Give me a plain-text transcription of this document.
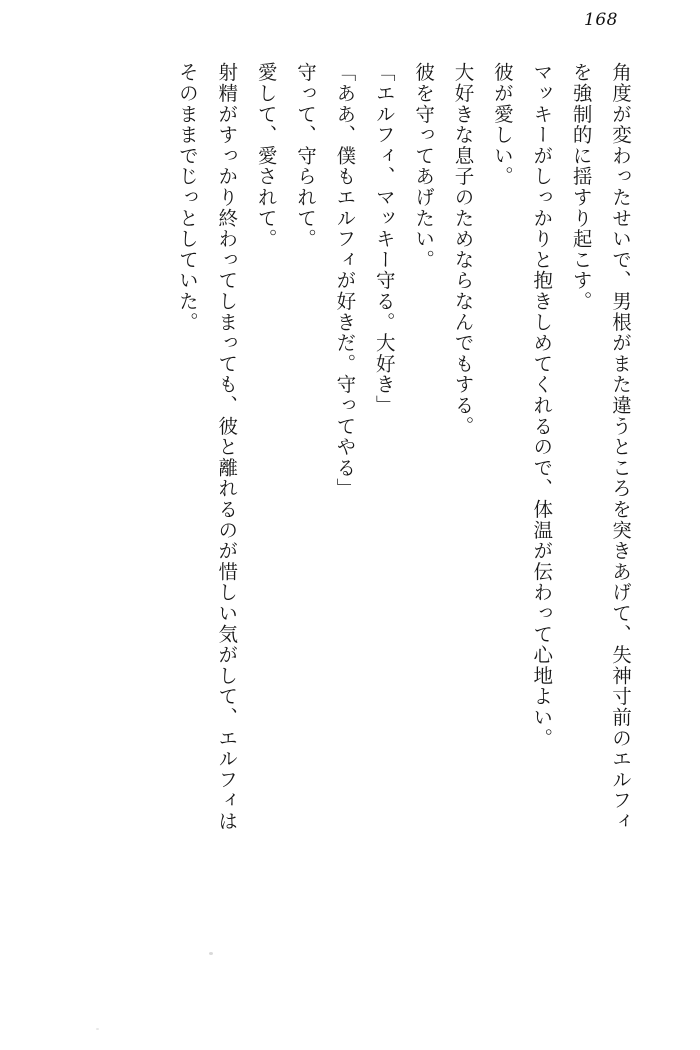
168

角度が変わったせいで、男根がまた違うところを突きあげて、失神寸前のエルフィ

を強制的に揺すり起こす。

マッキーがしっかりと抱きしめてくれるので、体温が伝わって心地よい。

彼が愛しい。

大好きな息子のためならなんでもする。

彼を守ってあげたい。

「エルフィ、マッキー守る。大好き」

「ああ、僕もエルフィが好きだ。守ってやる」

守って、守られて。

愛して、愛されて。

射精がすっかり終わってしまっても、彼と離れるのが惜しい気がして、エルフィは

そのままでじっとしていた。
